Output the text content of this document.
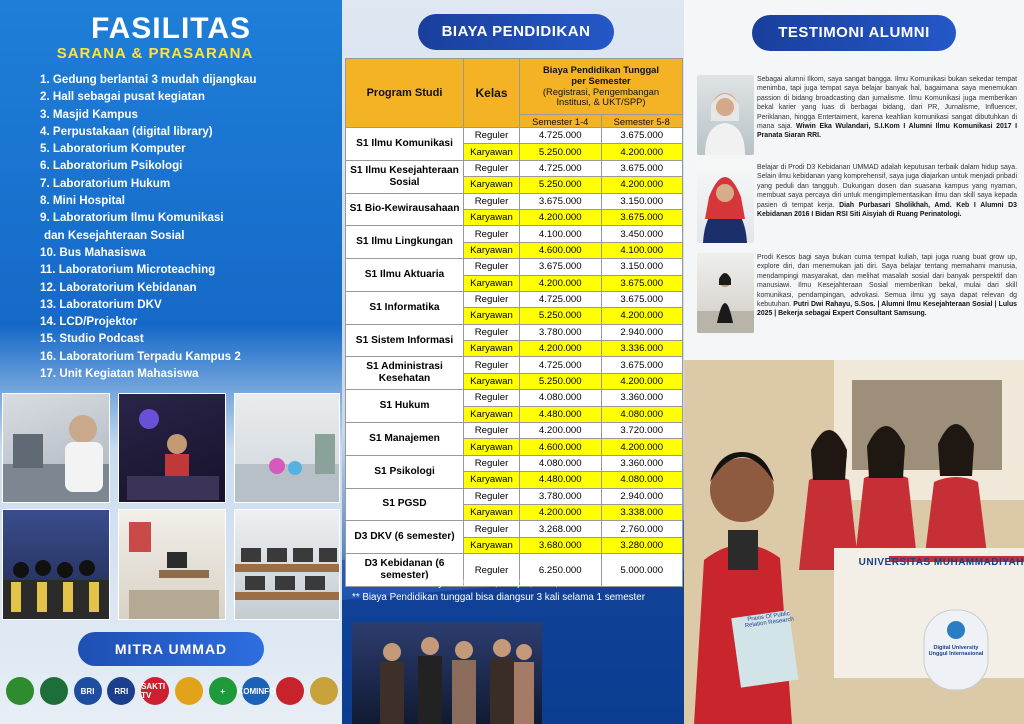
FASILITAS
SARANA & PRASARANA
1. Gedung berlantai 3 mudah dijangkau
2. Hall sebagai pusat kegiatan
3. Masjid Kampus
4. Perpustakaan (digital library)
5. Laboratorium Komputer
6. Laboratorium Psikologi
7. Laboratorium Hukum
8. Mini Hospital
9. Laboratorium Ilmu Komunikasi
dan Kesejahteraan Sosial
10. Bus Mahasiswa
11. Laboratorium Microteaching
12. Laboratorium Kebidanan
13. Laboratorium DKV
14. LCD/Projektor
15. Studio Podcast
16. Laboratorium Terpadu Kampus 2
17. Unit Kegiatan Mahasiswa
MITRA UMMAD
BRI	RRI	SAKTI TV	+	KOMINFO
BIAYA PENDIDIKAN
Program Studi	Kelas	Biaya Pendidikan Tunggal
per Semester
(Registrasi, Pengembangan
Institusi, & UKT/SPP)	
		Semester 1-4	Semester 5-8
S1 Ilmu Komunikasi	Reguler	4.725.000	3.675.000
	Karyawan	5.250.000	4.200.000
S1 Ilmu Kesejahteraan Sosial	Reguler	4.725.000	3.675.000
	Karyawan	5.250.000	4.200.000
S1 Bio-Kewirausahaan	Reguler	3.675.000	3.150.000
	Karyawan	4.200.000	3.675.000
S1 Ilmu Lingkungan	Reguler	4.100.000	3.450.000
	Karyawan	4.600.000	4.100.000
S1 Ilmu Aktuaria	Reguler	3.675.000	3.150.000
	Karyawan	4.200.000	3.675.000
S1 Informatika	Reguler	4.725.000	3.675.000
	Karyawan	5.250.000	4.200.000
S1 Sistem Informasi	Reguler	3.780.000	2.940.000
	Karyawan	4.200.000	3.336.000
S1 Administrasi Kesehatan	Reguler	4.725.000	3.675.000
	Karyawan	5.250.000	4.200.000
S1 Hukum	Reguler	4.080.000	3.360.000
	Karyawan	4.480.000	4.080.000
S1 Manajemen	Reguler	4.200.000	3.720.000
	Karyawan	4.600.000	4.200.000
S1 Psikologi	Reguler	4.080.000	3.360.000
	Karyawan	4.480.000	4.080.000
S1 PGSD	Reguler	3.780.000	2.940.000
	Karyawan	4.200.000	3.338.000
D3 DKV (6 semester)	Reguler	3.268.000	2.760.000
	Karyawan	3.680.000	3.280.000
D3 Kebidanan (6 semester)	Reguler	6.250.000	5.000.000
*Tidak termasuk biaya Praktikum, Skripsi, KKN, dan Wisuda
** Biaya Pendidikan tunggal bisa diangsur 3 kali selama 1 semester
UNIVERSITAS MUHAMMADIYAH
Praxis Of Public Relation Research
Digital University Unggul Internasional
TESTIMONI ALUMNI

Sebagai alumni Ilkom, saya sangat bangga. Ilmu Komunikasi bukan sekedar tempat menimba, tapi juga tempat saya belajar banyak hal, bagaimana saya menemukan passion di bidang broadcasting dan jurnalisme. Ilmu Komunikasi juga memberikan bekal karier yang luas di berbagai bidang, dari PR, Jurnalisme, Influencer, Periklanan, hingga Entertaiment, karena keahlian komunikasi sangat dibutuhkan di mana saja. Wiwin Eka Wulandari, S.I.Kom I Alumni Ilmu Komunikasi 2017 I Pranata Siaran RRI.

Belajar di Prodi D3 Kebidanan UMMAD adalah keputusan terbaik dalam hidup saya. Selain ilmu kebidanan yang komprehensif, saya juga diajarkan untuk menjadi pribadi yang peduli dan tangguh. Dukungan dosen dan suasana kampus yang nyaman, membuat saya percaya diri untuk mengimplementasikan ilmu dan skill saya kepada pasien di tempat kerja. Diah Purbasari Sholikhah, Amd. Keb I Alumni D3 Kebidanan 2016 I Bidan RSI Siti Aisyiah di Ruang Perinatologi.

Prodi Kesos bagi saya bukan cuma tempat kuliah, tapi juga ruang buat grow up, explore diri, dan menemukan jati diri. Saya belajar tentang memahami manusia, mendampingi masyarakat, dan melihat masalah sosial dari banyak perspektif dan manusiawi. Ilmu Kesejahteraan Sosial memberikan bekal, mulai dari skill komunikasi, pendampingan, advokasi. Semua ilmu yg saya dapat relevan dg kebutuhan. Putri Dwi Rahayu, S.Sos. | Alumni Ilmu Kesejahteraan Sosial | Lulus 2025 | Bekerja sebagai Expert Consultant Samsung.
